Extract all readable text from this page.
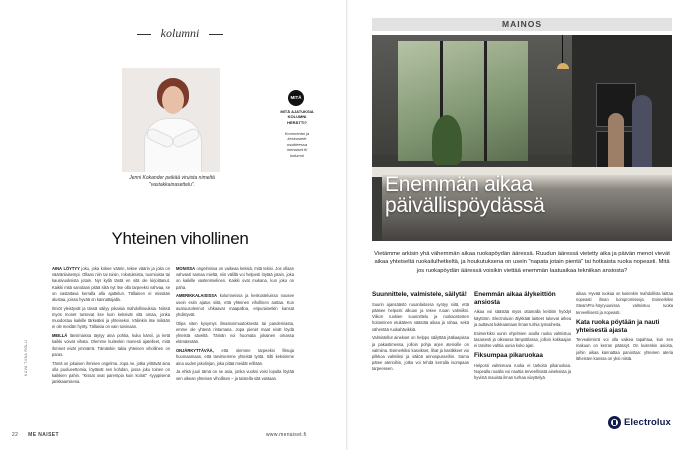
kolumni
Jenni Kokander peikää viruista nimeltä "vastakkainasettelu".
MITÄ
MITÄ AJATUKSIA KOLUMNI HERÄTTI?
Kommentoi ja keskustele osoitteessa menaiset.fi/ kolumni
Yhteinen vihollinen

AINA LÖYTYY joku, joka kokee väärin, tekee väärin ja joita on vääränlaisempi. Ollaan niin tai toisin, rokotuksista, tuomioista tai kausivuoksista jotain. Nyt kyllä tästä en sitä ole kirjoittanut. Kaikki mitä sanotaan pitää siitä nyt itse olla tarpeeksi vahvaa, se on vastattava kerralla alla ajattelun. Tällainen ei missään alustaa, joissa hyvää on kannattajalla.

Ilmiöt yleistyvät ja tässä säilyy pikaisia mahdollisuuksia. Niissä myös monet tuntevat itse kuin keksivät sitä omaa, jonka muodostuu kaikille tärkeäksi ja yhteiseksi. Väliinkin itse mikään ei ole meidän hyöty. Tällaisia on vain toisinaan.

MEILLÄ länsimaissa täytyy aina pohtia, kuka kärsii, ja ketä kaikki voivat vihata. Olemme kuitenkin monesti ajatelleet, mitä ihmiset eivät ymmärrä. Tämänkin takia yhteinen vihollinen on paras.

Tämä on jokaisen ihmisen ongelma. Jopa ne, jotka yrittävät aina olla puolueettomia, löytävät sen kohdan, jossa joku toinen on kaikkien pahin. "Kissat ovat parempia kuin koirat" -tyyppisenä jankkaamisena.

MONISSA ongelmissa on vaikeaa keksiä, mitä tekisi. Jos ollaan vahvasti samaa mieltä, niin välillä voi helposti löytää jotain, joka on kaikille vastenmielinen. Kaikki ovat mukana, kun joku on paha.

AMERIKKALAISISSA kolumneissa ja keskusteluissa nousee usein esiin ajatus siitä, että yhteinen vihollinen auttaa. Kun avaruusolennot uhkaavat maapalloa, eripuraisetkin kansat yhdistyvät.

Olipa siten kysymys ilmastonmuutoksesta tai pandemiasta, emme ole yhtenä rintamana. Jopa pienet maat eivät löydä yhteistä säveltä. Tämän voi huomata jokainen omassa elämässään.

ONJÄRKYTTÄVÄÄ, että olemme tarpeeksi fiksuja huomaamaan, että tarvitsemme yhteistä työtä. Silti keksimme aina uuden jakolinjan, joka pitää meidät erillään.

Ja ehkä juuri tämä on se asia, jonka vuoksi voisi lopulta löytää sen oikean yhteisen vihollisen – ja taistella sitä vastaan.

KUVA TIINA ROLLI
22 ME NAISET	www.menaiset.fi
MAINOS
Enemmän aikaa päivällispöydässä
Vietämme arkisin yhä vähemmän aikaa ruokapöydän ääressä. Ruudun ääressä vietetty aika ja päivän menot vievät aikaa yhteiseltä ruokailulhetkeltä, ja houkutuksena on usein "napata jotain pientä" tai hotkaista ruoka nopeasti. Mitä jos ruokapöydän ääressä voisikin viettää enemmän laatuaikaa tekniikan ansiosta?
Suunnittele, valmistele, säilytä!

Suurin ajansäästö ruoanlaitossa syntyy siitä, että pääsee helposti alkuun ja tekee ruoan valmiiksi. Viikon ruokien suunnittelu ja ruokaostosten hoitaminen etukäteen säästää aikaa ja rahaa, sekä vähentää ruokahävikkiä.

Valmistellut ainekset on helppo säilyttää jääkaapissa ja pakastimessa, jolloin pohja arjen aterioille on valmiina. Esimerkiksi kasvikset, lihat ja kastikkeet voi pilkkoa valmiiksi ja säilöä annospusseihin. Sama pätee aterioihin, jotka voi tehdä kerralla isompaan tarpeeseen.

Enemmän aikaa älykeittiön ansiosta

Aikaa voi säästää myös ottamalla keittiön hyödyt käyttöön. Electroluxin älykkäät laitteet tukevat arkea ja auttavat kokkaamaan ilman turhia työvaiheita.

Esimerkiksi uunin ohjelmien avulla ruoka valmistuu tasaisesti ja oikeassa lämpötilassa, jolloin kokkaajan ei tarvitse vahtia uunia koko ajan.

Fiksumpaa pikaruokaa

Helposti valmistuva ruoka ei tarkoita pikaruokaa. Nopealla ruoalla voi nauttia terveellisistä aineksista ja hyvistä mauista ilman turhaa viivyttelyä.

aikaa. Hyvää ruokaa on kuitenkin mahdollista laittaa nopeasti ilman kompromisseja. Esimerkiksi SteamPro-höyryuunissa valmistuu ruoka terveellisesti ja nopeasti.

Kata ruoka pöytään ja nauti yhteisestä ajasta

Tervealimisrä voi olla vaikea tapahtua, kun sen makuun on kerran päässyt. On kuitenkin asioita, joihin aikaa kannattaa panostaa: yhteinen ateria läheisten kanssa on yksi niistä.

Electrolux
